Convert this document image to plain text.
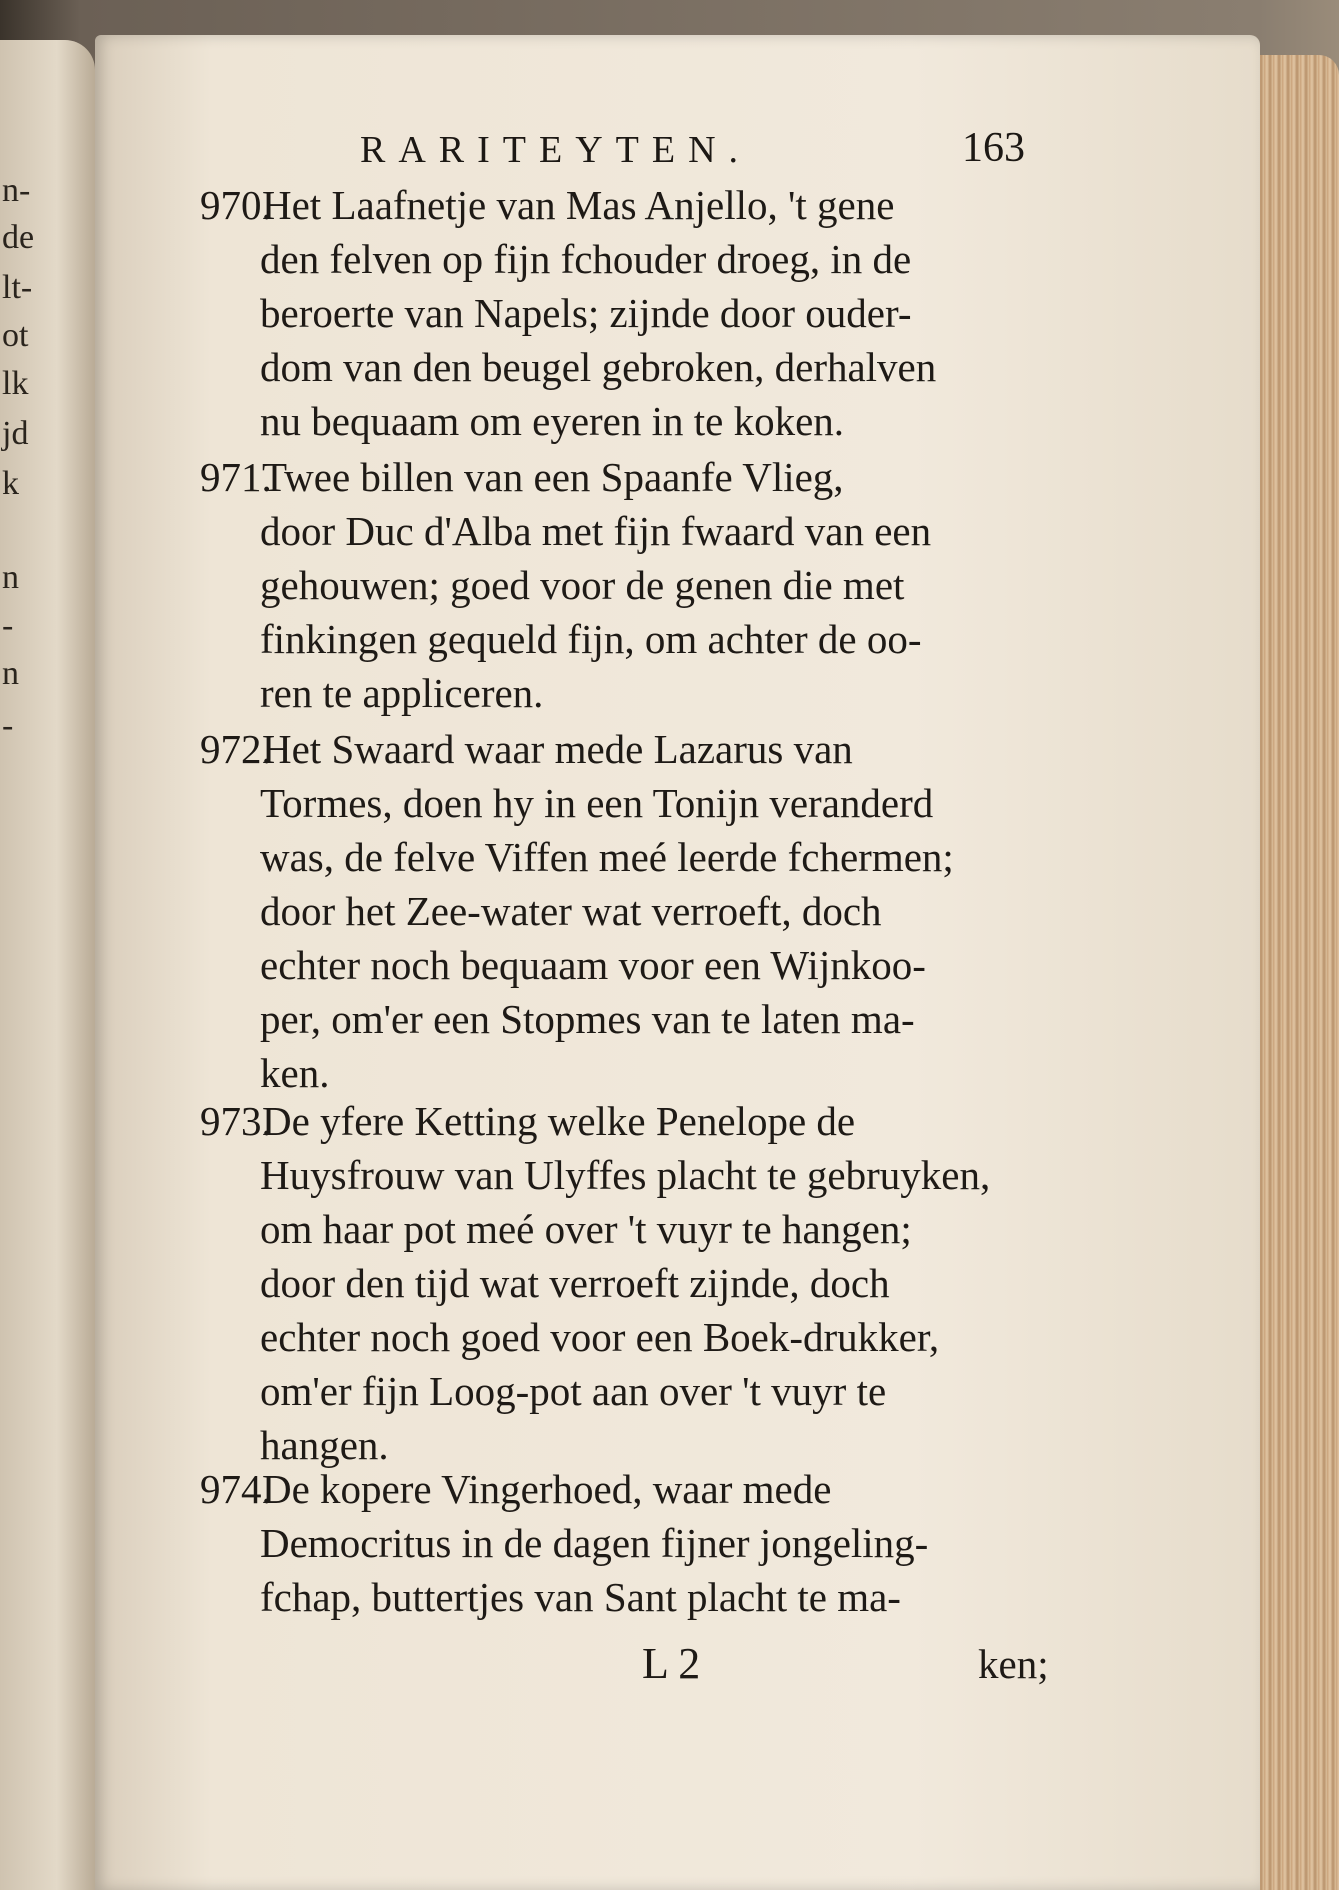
n-
de
lt-
ot
lk
jd
k
n
-
n
-
RARITEYTEN.	163
970.Het Laafnetje van Mas Anjello, 't gene
den felven op fijn fchouder droeg, in de
beroerte van Napels; zijnde door ouder-
dom van den beugel gebroken, derhalven
nu bequaam om eyeren in te koken.
971.Twee billen van een Spaanfe Vlieg,
door Duc d'Alba met fijn fwaard van een
gehouwen; goed voor de genen die met
finkingen gequeld fijn, om achter de oo-
ren te appliceren.
972.Het Swaard waar mede Lazarus van
Tormes, doen hy in een Tonijn veranderd
was, de felve Viffen meé leerde fchermen;
door het Zee-water wat verroeft, doch
echter noch bequaam voor een Wijnkoo-
per, om'er een Stopmes van te laten ma-
ken.
973.De yfere Ketting welke Penelope de
Huysfrouw van Ulyffes placht te gebruyken,
om haar pot meé over 't vuyr te hangen;
door den tijd wat verroeft zijnde, doch
echter noch goed voor een Boek-drukker,
om'er fijn Loog-pot aan over 't vuyr te
hangen.
974.De kopere Vingerhoed, waar mede
Democritus in de dagen fijner jongeling-
fchap, buttertjes van Sant placht te ma-
L 2	ken;
